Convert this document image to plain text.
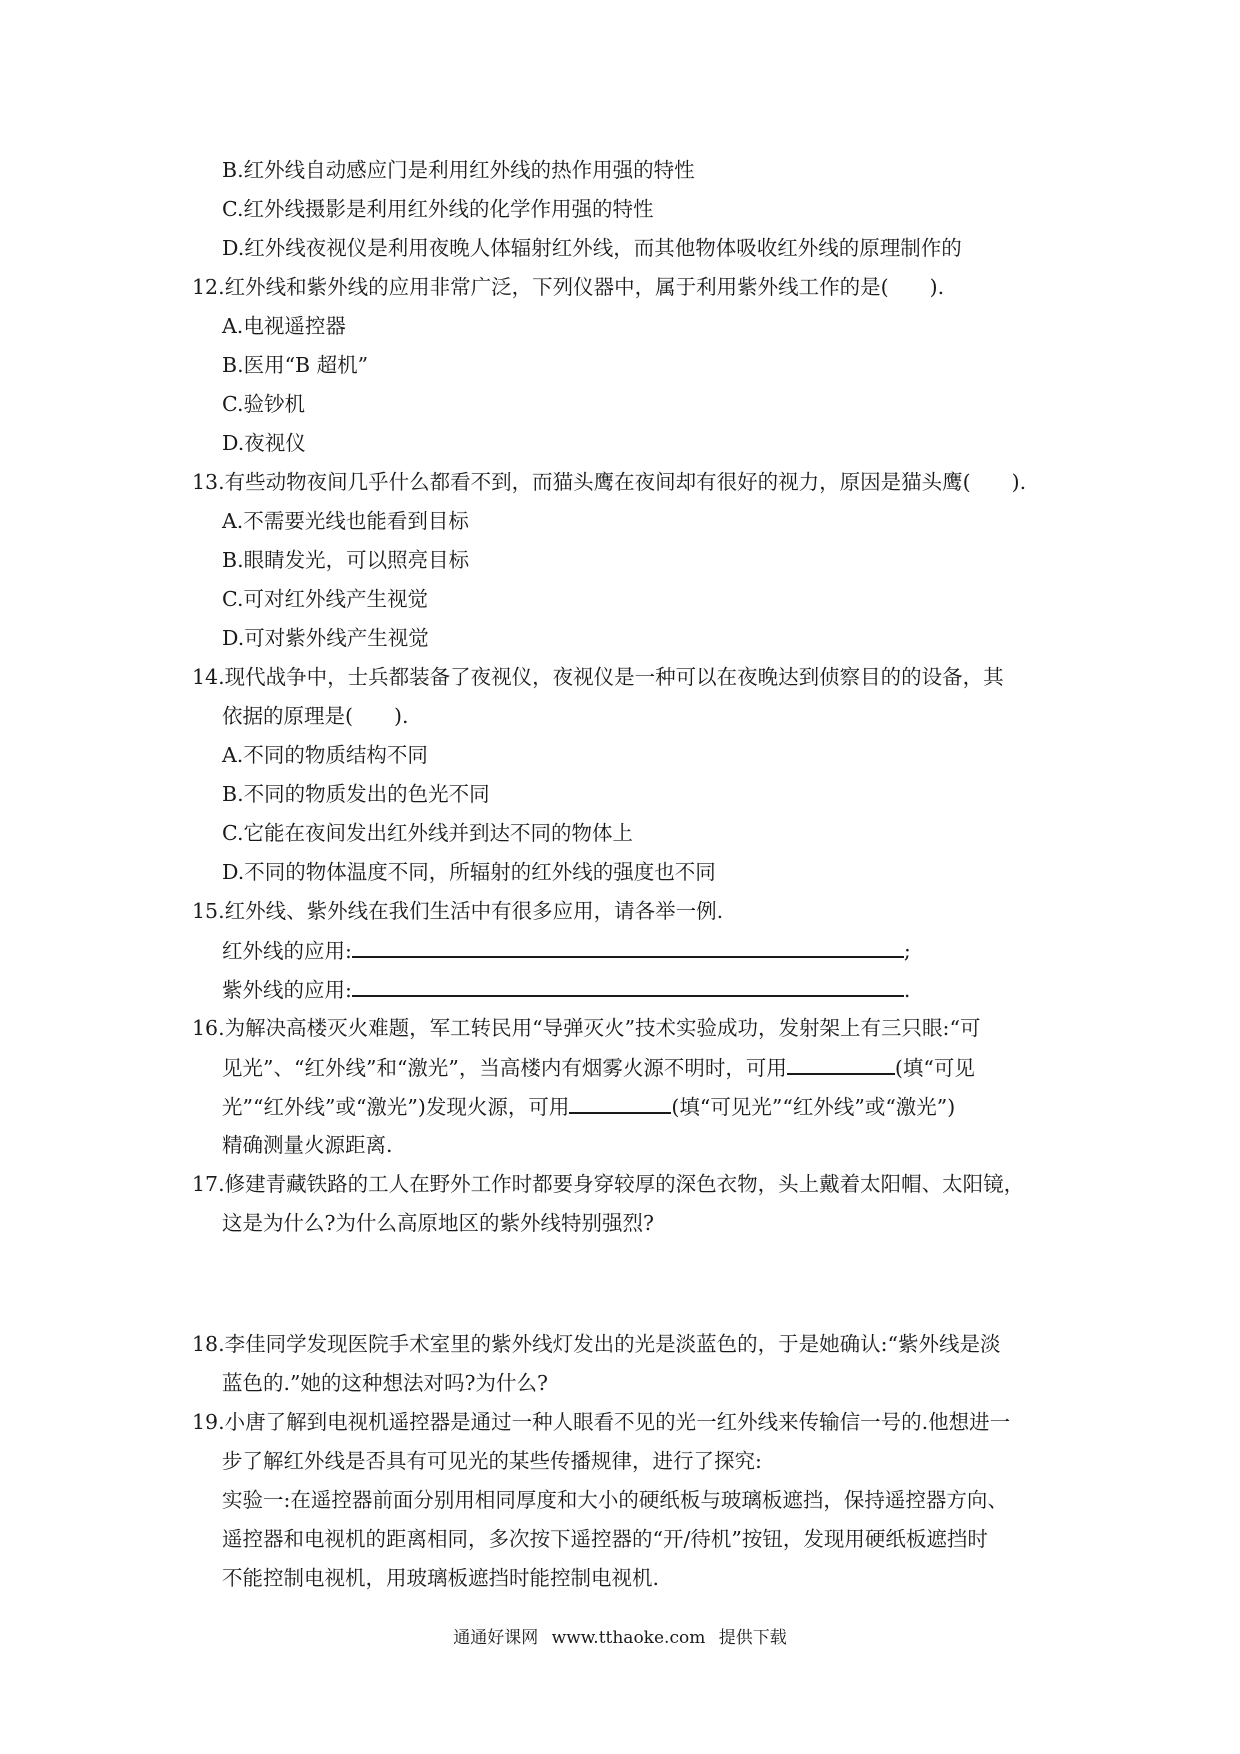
B.红外线自动感应门是利用红外线的热作用强的特性
C.红外线摄影是利用红外线的化学作用强的特性
D.红外线夜视仪是利用夜晚人体辐射红外线，而其他物体吸收红外线的原理制作的
12.红外线和紫外线的应用非常广泛，下列仪器中，属于利用紫外线工作的是(　　).
A.电视遥控器
B.医用“B 超机”
C.验钞机
D.夜视仪
13.有些动物夜间几乎什么都看不到，而猫头鹰在夜间却有很好的视力，原因是猫头鹰(　　).
A.不需要光线也能看到目标
B.眼睛发光，可以照亮目标
C.可对红外线产生视觉
D.可对紫外线产生视觉
14.现代战争中，士兵都装备了夜视仪，夜视仪是一种可以在夜晚达到侦察目的的设备，其
依据的原理是(　　).
A.不同的物质结构不同
B.不同的物质发出的色光不同
C.它能在夜间发出红外线并到达不同的物体上
D.不同的物体温度不同，所辐射的红外线的强度也不同
15.红外线、紫外线在我们生活中有很多应用，请各举一例.
红外线的应用:	;
紫外线的应用:	.
16.为解决高楼灭火难题，军工转民用“导弹灭火”技术实验成功，发射架上有三只眼:“可
见光”、“红外线”和“激光”，当高楼内有烟雾火源不明时，可用	(填“可见
光”“红外线”或“激光”)发现火源，可用	(填“可见光”“红外线”或“激光”)
精确测量火源距离.
17.修建青藏铁路的工人在野外工作时都要身穿较厚的深色衣物，头上戴着太阳帽、太阳镜，
这是为什么?为什么高原地区的紫外线特别强烈?
18.李佳同学发现医院手术室里的紫外线灯发出的光是淡蓝色的，于是她确认:“紫外线是淡
蓝色的.”她的这种想法对吗?为什么?
19.小唐了解到电视机遥控器是通过一种人眼看不见的光一红外线来传输信一号的.他想进一
步了解红外线是否具有可见光的某些传播规律，进行了探究:
实验一:在遥控器前面分别用相同厚度和大小的硬纸板与玻璃板遮挡，保持遥控器方向、
遥控器和电视机的距离相同，多次按下遥控器的“开/待机”按钮，发现用硬纸板遮挡时
不能控制电视机，用玻璃板遮挡时能控制电视机.
通通好课网 www.tthaoke.com 提供下载
